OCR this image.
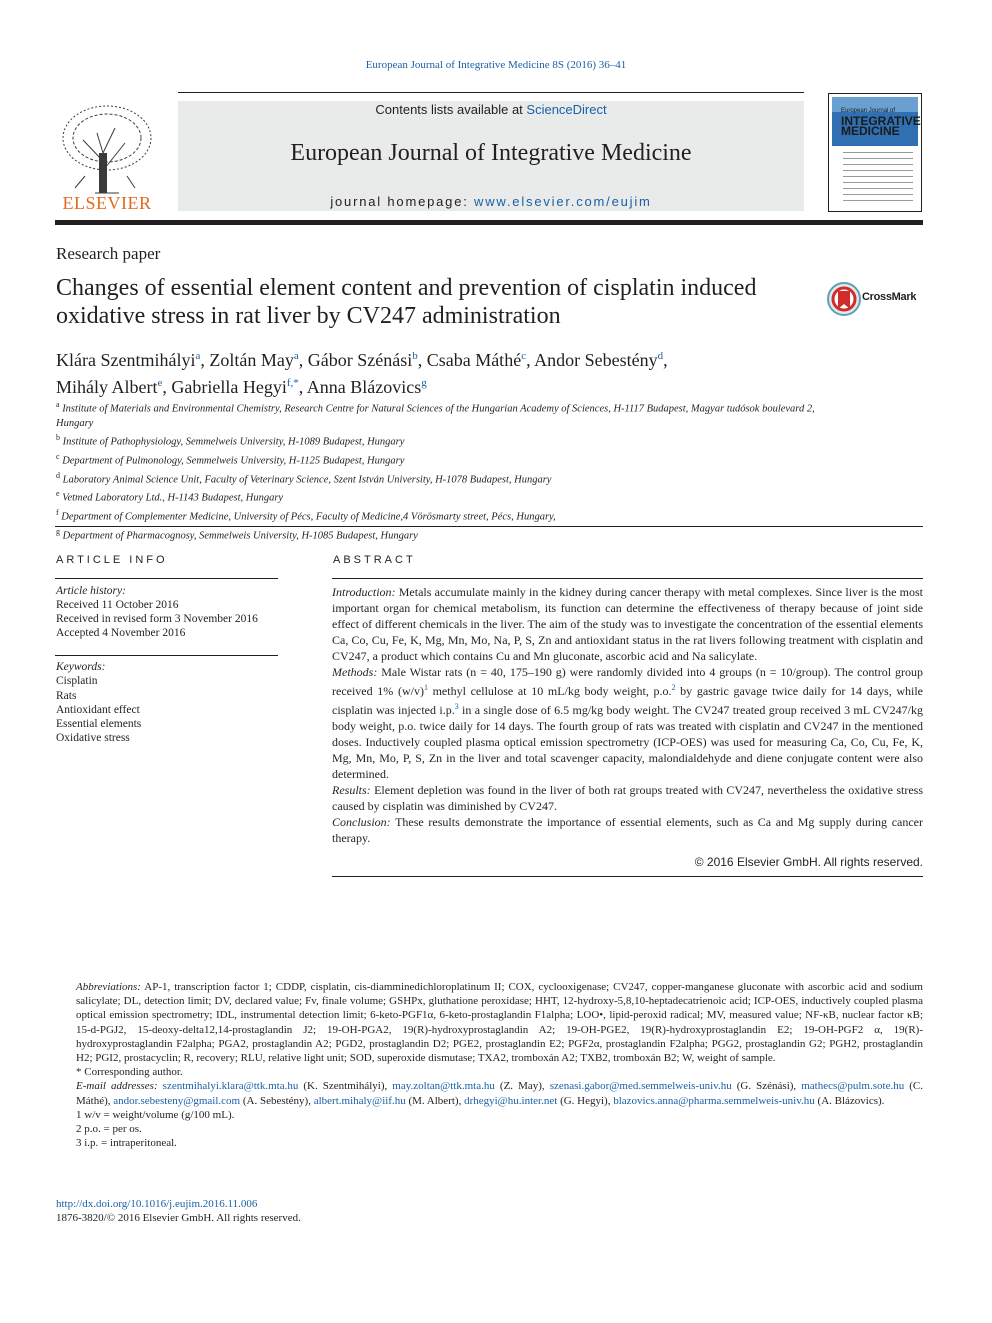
European Journal of Integrative Medicine 8S (2016) 36–41
ELSEVIER
Contents lists available at ScienceDirect
European Journal of Integrative Medicine
journal homepage: www.elsevier.com/eujim
European Journal of
INTEGRATIVE MEDICINE
Research paper
Changes of essential element content and prevention of cisplatin induced oxidative stress in rat liver by CV247 administration
CrossMark
Klára Szentmihályi$^a$, Zoltán May$^a$, Gábor Szénási$^b$, Csaba Máthé$^c$, Andor Sebestény$^d$,
Mihály Albert$^e$, Gabriella Hegyi$^{f,*}$, Anna Blázovics$^g$
$^a$ Institute of Materials and Environmental Chemistry, Research Centre for Natural Sciences of the Hungarian Academy of Sciences, H-1117 Budapest, Magyar tudósok boulevard 2, Hungary
$^b$ Institute of Pathophysiology, Semmelweis University, H-1089 Budapest, Hungary
$^c$ Department of Pulmonology, Semmelweis University, H-1125 Budapest, Hungary
$^d$ Laboratory Animal Science Unit, Faculty of Veterinary Science, Szent István University, H-1078 Budapest, Hungary
$^e$ Vetmed Laboratory Ltd., H-1143 Budapest, Hungary
$^f$ Department of Complementer Medicine, University of Pécs, Faculty of Medicine,4 Vörösmarty street, Pécs, Hungary,
$^g$ Department of Pharmacognosy, Semmelweis University, H-1085 Budapest, Hungary
ARTICLE INFO
Article history:
Received 11 October 2016
Received in revised form 3 November 2016
Accepted 4 November 2016
Keywords:
Cisplatin
Rats
Antioxidant effect
Essential elements
Oxidative stress
ABSTRACT

Introduction: Metals accumulate mainly in the kidney during cancer therapy with metal complexes. Since liver is the most important organ for chemical metabolism, its function can determine the effectiveness of therapy because of joint side effect of different chemicals in the liver. The aim of the study was to investigate the concentration of the essential elements Ca, Co, Cu, Fe, K, Mg, Mn, Mo, Na, P, S, Zn and antioxidant status in the rat livers following treatment with cisplatin and CV247, a product which contains Cu and Mn gluconate, ascorbic acid and Na salicylate.

Methods: Male Wistar rats (n = 40, 175–190 g) were randomly divided into 4 groups (n = 10/group). The control group received 1% $(w/v)^1$ methyl cellulose at 10 mL/kg body weight, p.o.$^2$ by gastric gavage twice daily for 14 days, while cisplatin was injected i.p.$^3$ in a single dose of 6.5 mg/kg body weight. The CV247 treated group received 3 mL CV247/kg body weight, p.o. twice daily for 14 days. The fourth group of rats was treated with cisplatin and CV247 in the mentioned doses. Inductively coupled plasma optical emission spectrometry (ICP-OES) was used for measuring Ca, Co, Cu, Fe, K, Mg, Mn, Mo, P, S, Zn in the liver and total scavenger capacity, malondialdehyde and diene conjugate content were also determined.

Results: Element depletion was found in the liver of both rat groups treated with CV247, nevertheless the oxidative stress caused by cisplatin was diminished by CV247.

Conclusion: These results demonstrate the importance of essential elements, such as Ca and Mg supply during cancer therapy.

© 2016 Elsevier GmbH. All rights reserved.

Abbreviations: AP-1, transcription factor 1; CDDP, cisplatin, cis-diamminedichloroplatinum II; COX, cyclooxigenase; CV247, copper-manganese gluconate with ascorbic acid and sodium salicylate; DL, detection limit; DV, declared value; Fv, finale volume; GSHPx, gluthatione peroxidase; HHT, 12-hydroxy-5,8,10-heptadecatrienoic acid; ICP-OES, inductively coupled plasma optical emission spectrometry; IDL, instrumental detection limit; 6-keto-PGF1α, 6-keto-prostaglandin F1alpha; LOO•, lipid-peroxid radical; MV, measured value; NF-κB, nuclear factor κB; 15-d-PGJ2, 15-deoxy-delta12,14-prostaglandin J2; 19-OH-PGA2, 19(R)-hydroxyprostaglandin A2; 19-OH-PGE2, 19(R)-hydroxyprostaglandin E2; 19-OH-PGF2 α, 19(R)-hydroxyprostaglandin F2alpha; PGA2, prostaglandin A2; PGD2, prostaglandin D2; PGE2, prostaglandin E2; PGF2α, prostaglandin F2alpha; PGG2, prostaglandin G2; PGH2, prostaglandin H2; PGI2, prostacyclin; R, recovery; RLU, relative light unit; SOD, superoxide dismutase; TXA2, tromboxán A2; TXB2, tromboxán B2; W, weight of sample.

* Corresponding author.

E-mail addresses: szentmihalyi.klara@ttk.mta.hu (K. Szentmihályi), may.zoltan@ttk.mta.hu (Z. May), szenasi.gabor@med.semmelweis-univ.hu (G. Szénási), mathecs@pulm.sote.hu (C. Máthé), andor.sebesteny@gmail.com (A. Sebestény), albert.mihaly@iif.hu (M. Albert), drhegyi@hu.inter.net (G. Hegyi), blazovics.anna@pharma.semmelweis-univ.hu (A. Blázovics).

1 w/v = weight/volume (g/100 mL).

2 p.o. = per os.

3 i.p. = intraperitoneal.

http://dx.doi.org/10.1016/j.eujim.2016.11.006
1876-3820/© 2016 Elsevier GmbH. All rights reserved.
